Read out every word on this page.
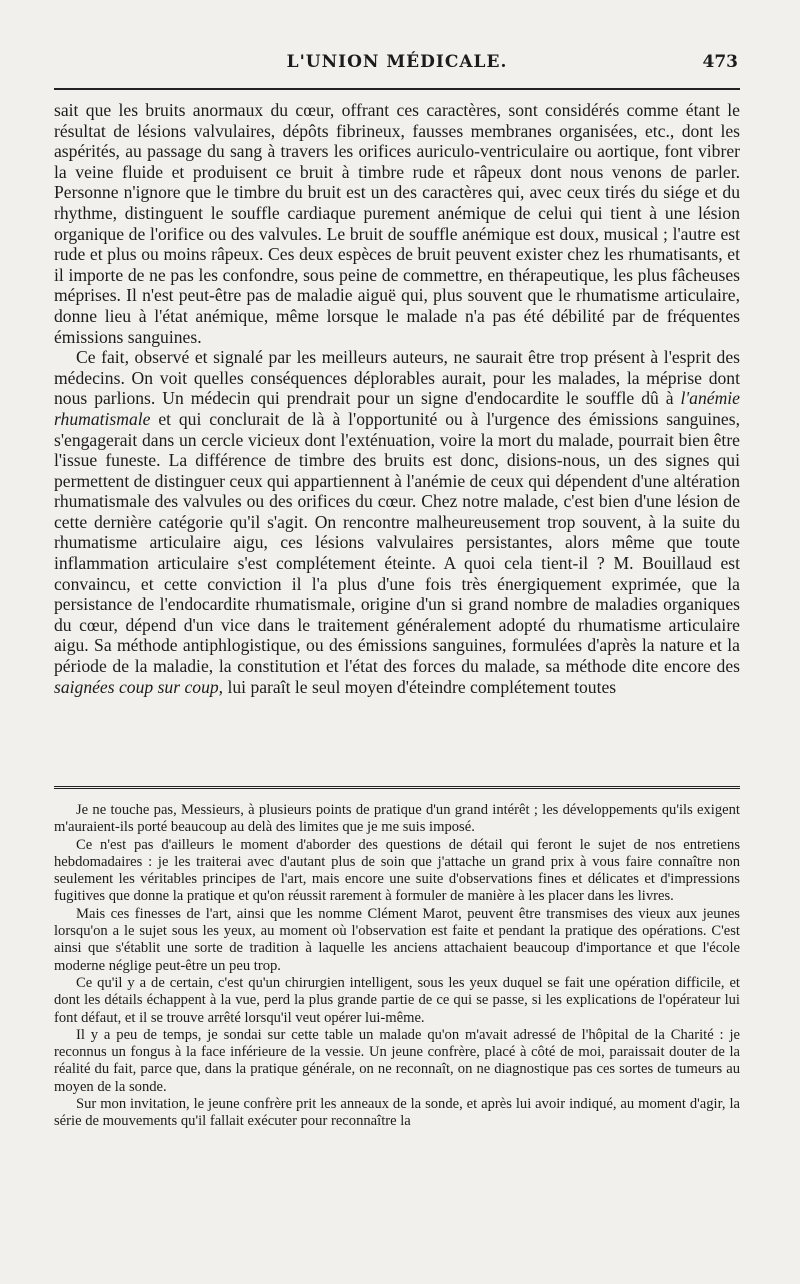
L'UNION MÉDICALE.	473

sait que les bruits anormaux du cœur, offrant ces caractères, sont considérés comme étant le résultat de lésions valvulaires, dépôts fibrineux, fausses membranes organisées, etc., dont les aspérités, au passage du sang à travers les orifices auriculo-ventriculaire ou aortique, font vibrer la veine fluide et produisent ce bruit à timbre rude et râpeux dont nous venons de parler. Personne n'ignore que le timbre du bruit est un des caractères qui, avec ceux tirés du siége et du rhythme, distinguent le souffle cardiaque purement anémique de celui qui tient à une lésion organique de l'orifice ou des valvules. Le bruit de souffle anémique est doux, musical ; l'autre est rude et plus ou moins râpeux. Ces deux espèces de bruit peuvent exister chez les rhumatisants, et il importe de ne pas les confondre, sous peine de commettre, en thérapeutique, les plus fâcheuses méprises. Il n'est peut-être pas de maladie aiguë qui, plus souvent que le rhumatisme articulaire, donne lieu à l'état anémique, même lorsque le malade n'a pas été débilité par de fréquentes émissions sanguines.

Ce fait, observé et signalé par les meilleurs auteurs, ne saurait être trop présent à l'esprit des médecins. On voit quelles conséquences déplorables aurait, pour les malades, la méprise dont nous parlions. Un médecin qui prendrait pour un signe d'endocardite le souffle dû à l'anémie rhumatismale et qui conclurait de là à l'opportunité ou à l'urgence des émissions sanguines, s'engagerait dans un cercle vicieux dont l'exténuation, voire la mort du malade, pourrait bien être l'issue funeste. La différence de timbre des bruits est donc, disions-nous, un des signes qui permettent de distinguer ceux qui appartiennent à l'anémie de ceux qui dépendent d'une altération rhumatismale des valvules ou des orifices du cœur. Chez notre malade, c'est bien d'une lésion de cette dernière catégorie qu'il s'agit. On rencontre malheureusement trop souvent, à la suite du rhumatisme articulaire aigu, ces lésions valvulaires persistantes, alors même que toute inflammation articulaire s'est complétement éteinte. A quoi cela tient-il ? M. Bouillaud est convaincu, et cette conviction il l'a plus d'une fois très énergiquement exprimée, que la persistance de l'endocardite rhumatismale, origine d'un si grand nombre de maladies organiques du cœur, dépend d'un vice dans le traitement généralement adopté du rhumatisme articulaire aigu. Sa méthode antiphlogistique, ou des émissions sanguines, formulées d'après la nature et la période de la maladie, la constitution et l'état des forces du malade, sa méthode dite encore des saignées coup sur coup, lui paraît le seul moyen d'éteindre complétement toutes

Je ne touche pas, Messieurs, à plusieurs points de pratique d'un grand intérêt ; les développements qu'ils exigent m'auraient-ils porté beaucoup au delà des limites que je me suis imposé.

Ce n'est pas d'ailleurs le moment d'aborder des questions de détail qui feront le sujet de nos entretiens hebdomadaires : je les traiterai avec d'autant plus de soin que j'attache un grand prix à vous faire connaître non seulement les véritables principes de l'art, mais encore une suite d'observations fines et délicates et d'impressions fugitives que donne la pratique et qu'on réussit rarement à formuler de manière à les placer dans les livres.

Mais ces finesses de l'art, ainsi que les nomme Clément Marot, peuvent être transmises des vieux aux jeunes lorsqu'on a le sujet sous les yeux, au moment où l'observation est faite et pendant la pratique des opérations. C'est ainsi que s'établit une sorte de tradition à laquelle les anciens attachaient beaucoup d'importance et que l'école moderne néglige peut-être un peu trop.

Ce qu'il y a de certain, c'est qu'un chirurgien intelligent, sous les yeux duquel se fait une opération difficile, et dont les détails échappent à la vue, perd la plus grande partie de ce qui se passe, si les explications de l'opérateur lui font défaut, et il se trouve arrêté lorsqu'il veut opérer lui-même.

Il y a peu de temps, je sondai sur cette table un malade qu'on m'avait adressé de l'hôpital de la Charité : je reconnus un fongus à la face inférieure de la vessie. Un jeune confrère, placé à côté de moi, paraissait douter de la réalité du fait, parce que, dans la pratique générale, on ne reconnaît, on ne diagnostique pas ces sortes de tumeurs au moyen de la sonde.

Sur mon invitation, le jeune confrère prit les anneaux de la sonde, et après lui avoir indiqué, au moment d'agir, la série de mouvements qu'il fallait exécuter pour reconnaître la
